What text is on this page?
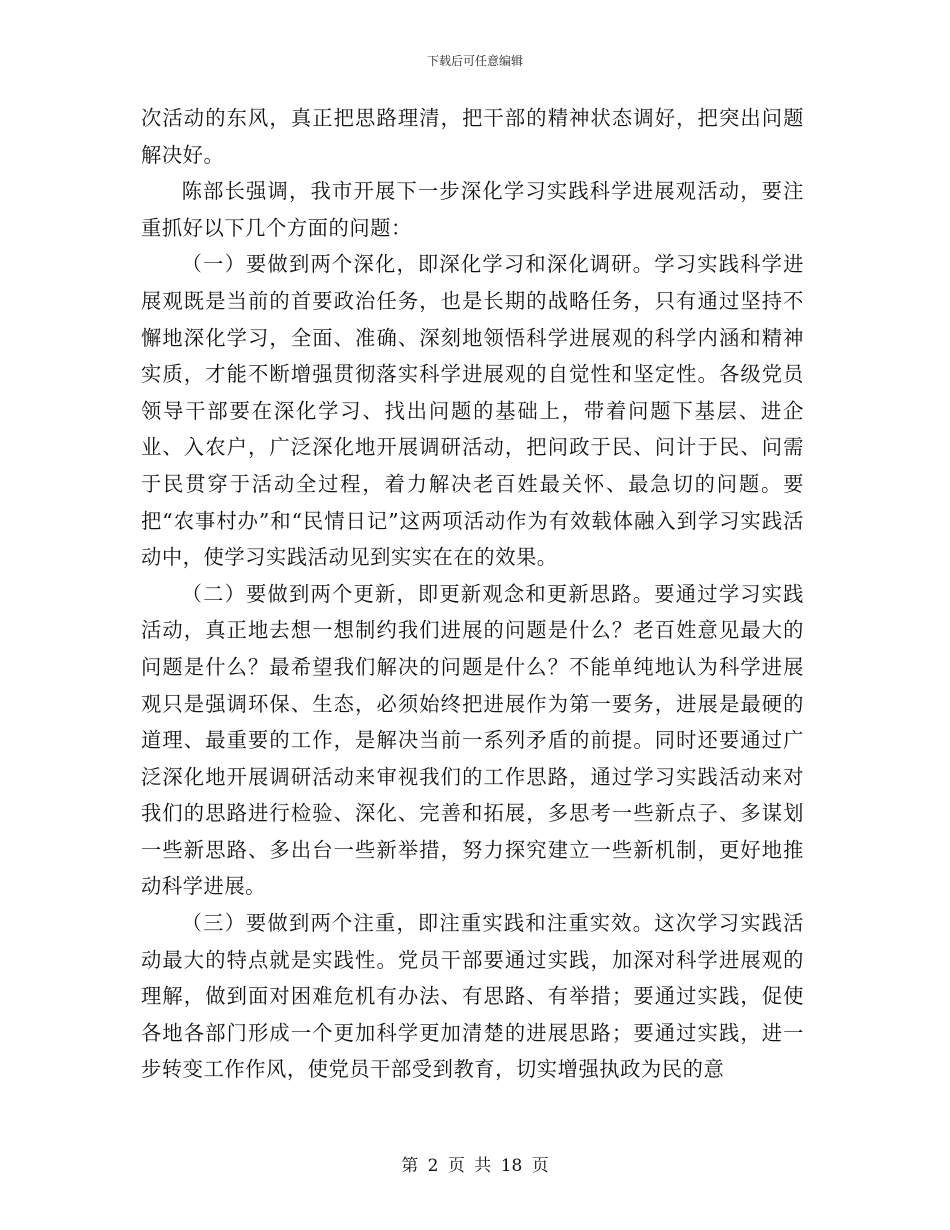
下载后可任意编辑

次活动的东风，真正把思路理清，把干部的精神状态调好，把突出问题解决好。

陈部长强调，我市开展下一步深化学习实践科学进展观活动，要注重抓好以下几个方面的问题：

（一）要做到两个深化，即深化学习和深化调研。学习实践科学进展观既是当前的首要政治任务，也是长期的战略任务，只有通过坚持不懈地深化学习，全面、准确、深刻地领悟科学进展观的科学内涵和精神实质，才能不断增强贯彻落实科学进展观的自觉性和坚定性。各级党员领导干部要在深化学习、找出问题的基础上，带着问题下基层、进企业、入农户，广泛深化地开展调研活动，把问政于民、问计于民、问需于民贯穿于活动全过程，着力解决老百姓最关怀、最急切的问题。要把“农事村办”和“民情日记”这两项活动作为有效载体融入到学习实践活动中，使学习实践活动见到实实在在的效果。

（二）要做到两个更新，即更新观念和更新思路。要通过学习实践活动，真正地去想一想制约我们进展的问题是什么？老百姓意见最大的问题是什么？最希望我们解决的问题是什么？不能单纯地认为科学进展观只是强调环保、生态，必须始终把进展作为第一要务，进展是最硬的道理、最重要的工作，是解决当前一系列矛盾的前提。同时还要通过广泛深化地开展调研活动来审视我们的工作思路，通过学习实践活动来对我们的思路进行检验、深化、完善和拓展，多思考一些新点子、多谋划一些新思路、多出台一些新举措，努力探究建立一些新机制，更好地推动科学进展。

（三）要做到两个注重，即注重实践和注重实效。这次学习实践活动最大的特点就是实践性。党员干部要通过实践，加深对科学进展观的理解，做到面对困难危机有办法、有思路、有举措；要通过实践，促使各地各部门形成一个更加科学更加清楚的进展思路；要通过实践，进一步转变工作作风，使党员干部受到教育，切实增强执政为民的意

第 2 页 共 18 页
